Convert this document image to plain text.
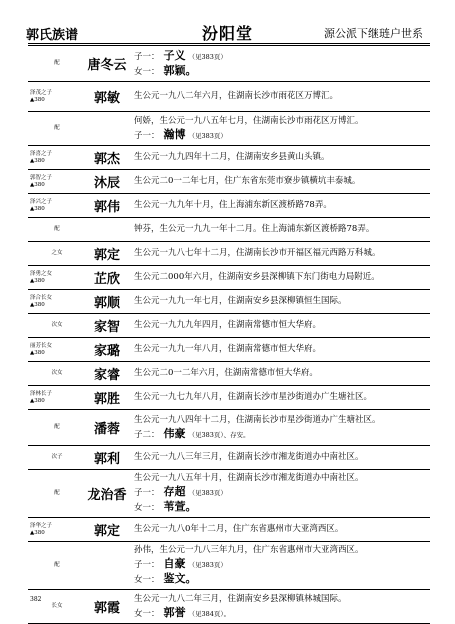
郭氏族谱	汾阳堂	源公派下继琏户世系
配	唐冬云	子一： 子义 （见383页）
女一： 郭颖。

泽茂之子
▲380	郭敏	生公元一九八二年六月，住湖南长沙市雨花区万博汇。

配		何娇，生公元一九八五年七月，住湖南长沙市雨花区万博汇。
子一： 瀚博 （见383页）

泽喜之子
▲380	郭杰	生公元一九九四年十二月，住湖南安乡县黄山头镇。

郭智之子
▲380	沐辰	生公元二0一二年七月，住广东省东莞市寮步镇横坑丰泰城。

泽兴之子
▲380	郭伟	生公元一九九年十月，住上海浦东新区渡桥路78弄。

配		钟芬，生公元一九九一年十二月。住上海浦东新区渡桥路78弄。

之女	郭定	生公元一九八七年十二月，住湖南长沙市开福区福元西路万科城。

泽勇之女
▲380	芷欣	生公元二000年六月，住湖南安乡县深柳镇下东门街电力局附近。

泽合长女
▲380	郭顺	生公元一九九一年七月，住湖南安乡县深柳镇恒生国际。

次女	家智	生公元一九九九年四月，住湖南常德市恒大华府。

丽芳长女
▲380	家璐	生公元一九九一年八月，住湖南常德市恒大华府。

次女	家睿	生公元二0一二年六月，住湖南常德市恒大华府。

泽林长子
▲380	郭胜	生公元一九七九年八月，住湖南长沙市星沙街道办广生塘社区。

配	潘蓉	生公元一九八四年十二月，住湖南长沙市星沙街道办广生塘社区。
子二： 伟豪 （见383页）、存安。

次子	郭利	生公元一九八三年三月，住湖南长沙市湘龙街道办中南社区。

配	龙治香	生公元一九八五年十月，住湖南长沙市湘龙街道办中南社区。
子一： 存超 （见383页）
女一： 苇萱。

泽华之子
▲380	郭定	生公元一九八0年十二月，住广东省惠州市大亚湾西区。

配		孙伟，生公元一九八三年九月，住广东省惠州市大亚湾西区。
子一： 自豪 （见383页）
女一： 鉴文。

长女	郭霞	生公元一九八二年三月，住湖南安乡县深柳镇林城国际。
女一： 郭誉 （见384页）。
382
